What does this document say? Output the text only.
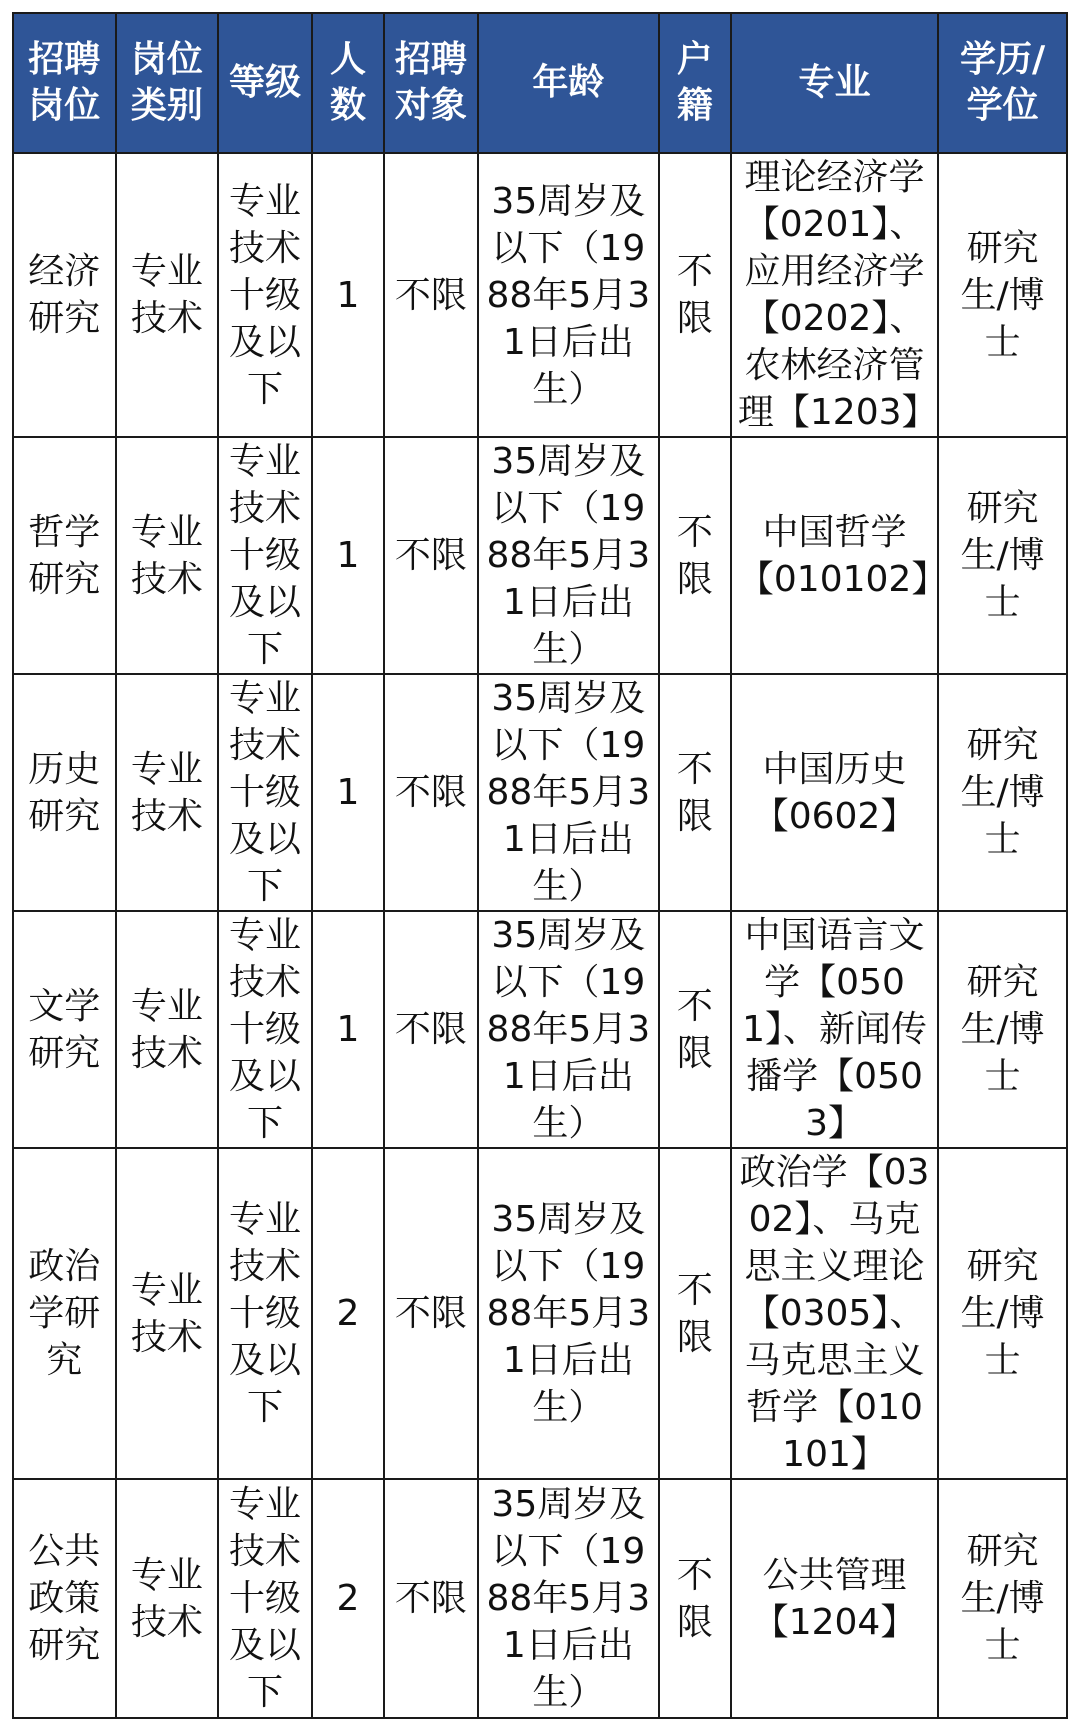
招聘岗位	岗位类别	等级	人数	招聘对象	年龄	户籍	专业	学历/学位
经济研究	专业技术	专业技术十级及以下	1	不限	35周岁及以下（1988年5月31日后出生）	不限	理论经济学【0201】、应用经济学【0202】、农林经济管理【1203】	研究生/博士
哲学研究	专业技术	专业技术十级及以下	1	不限	35周岁及以下（1988年5月31日后出生）	不限	中国哲学【010102】	研究生/博士
历史研究	专业技术	专业技术十级及以下	1	不限	35周岁及以下（1988年5月31日后出生）	不限	中国历史【0602】	研究生/博士
文学研究	专业技术	专业技术十级及以下	1	不限	35周岁及以下（1988年5月31日后出生）	不限	中国语言文学【0501】、新闻传播学【0503】	研究生/博士
政治学研究	专业技术	专业技术十级及以下	2	不限	35周岁及以下（1988年5月31日后出生）	不限	政治学【0302】、马克思主义理论【0305】、马克思主义哲学【010101】	研究生/博士
公共政策研究	专业技术	专业技术十级及以下	2	不限	35周岁及以下（1988年5月31日后出生）	不限	公共管理【1204】	研究生/博士
